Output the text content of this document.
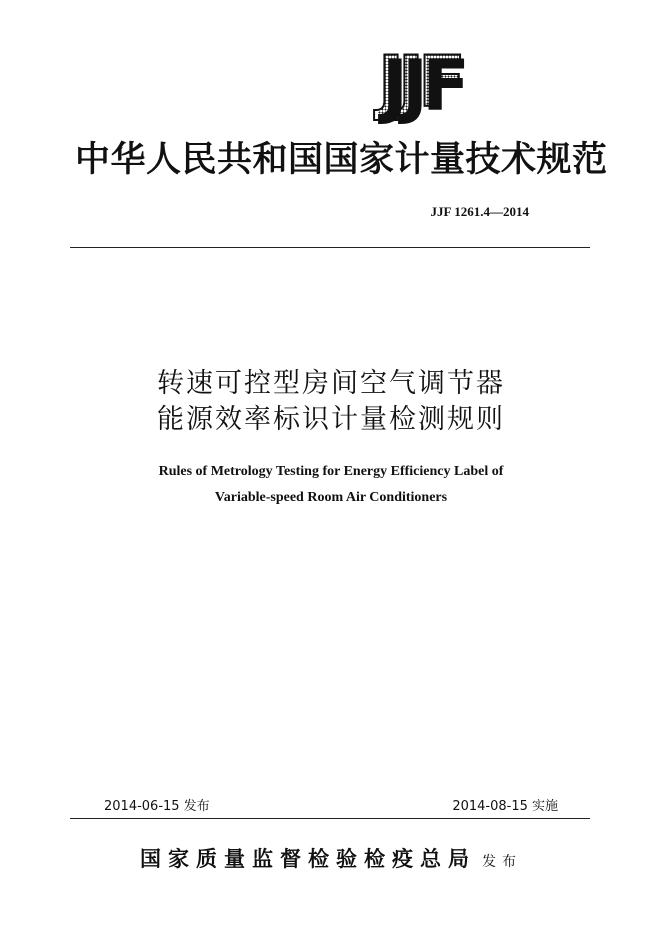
JJF
中华人民共和国国家计量技术规范
JJF 1261.4—2014
转速可控型房间空气调节器
能源效率标识计量检测规则
Rules of Metrology Testing for Energy Efficiency Label of
Variable-speed Room Air Conditioners
2014-06-15 发布	2014-08-15 实施
国家质量监督检验检疫总局 发布
